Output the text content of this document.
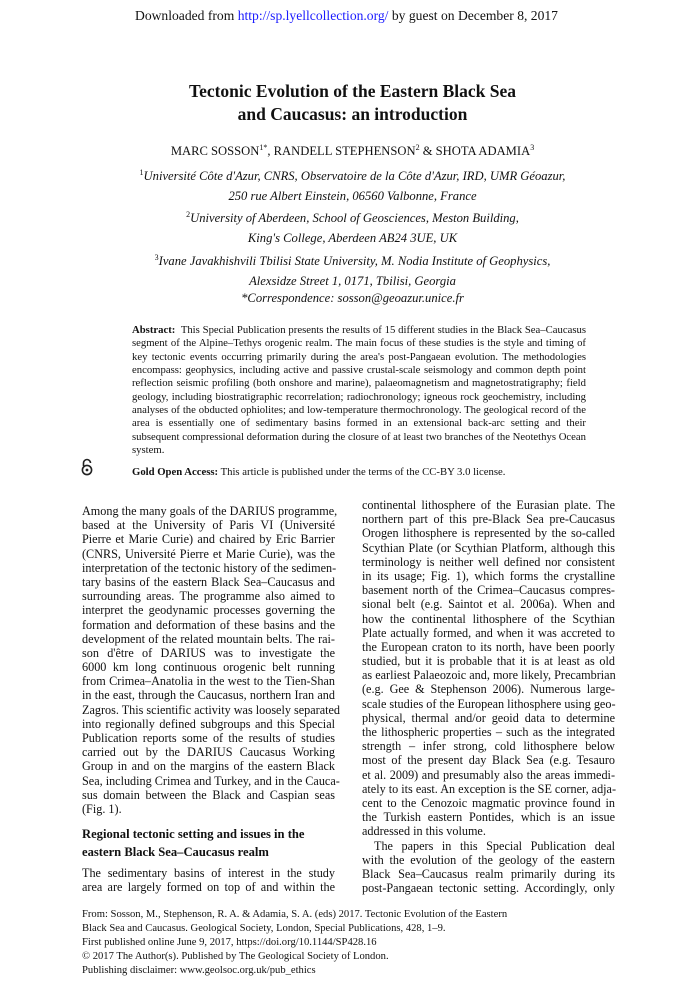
Downloaded from http://sp.lyellcollection.org/ by guest on December 8, 2017
Tectonic Evolution of the Eastern Black Sea
and Caucasus: an introduction
MARC $SOSSON^{1*}$, RANDELL STEPHENSON$^2$ & SHOTA ADAMIA$^3$
$^1$Université Côte d'Azur, CNRS, Observatoire de la Côte d'Azur, IRD, UMR Géoazur,
250 rue Albert Einstein, 06560 Valbonne, France
$^2$University of Aberdeen, School of Geosciences, Meston Building,
King's College, Aberdeen AB24 3UE, UK
$^3$Ivane Javakhishvili Tbilisi State University, M. Nodia Institute of Geophysics,
Alexsidze Street 1, 0171, Tbilisi, Georgia
*Correspondence: sosson@geoazur.unice.fr
Abstract: This Special Publication presents the results of 15 different studies in the Black Sea–Caucasus segment of the Alpine–Tethys orogenic realm. The main focus of these studies is the style and timing of key tectonic events occurring primarily during the area's post-Pangaean evolution. The methodologies encompass: geophysics, including active and passive crustal-scale seismology and common depth point reflection seismic profiling (both onshore and marine), palaeomagnetism and magnetostratigraphy; field geology, including biostratigraphic recorrelation; radiochronology; igneous rock geochemistry, including analyses of the obducted ophiolites; and low-temperature thermochronology. The geological record of the area is essentially one of sedimentary basins formed in an extensional back-arc setting and their subsequent compressional deformation during the closure of at least two branches of the Neotethys Ocean system.
Gold Open Access: This article is published under the terms of the CC-BY 3.0 license.
Among the many goals of the DARIUS programme,
based at the University of Paris VI (Université
Pierre et Marie Curie) and chaired by Eric Barrier
(CNRS, Université Pierre et Marie Curie), was the
interpretation of the tectonic history of the sedimen-
tary basins of the eastern Black Sea–Caucasus and
surrounding areas. The programme also aimed to
interpret the geodynamic processes governing the
formation and deformation of these basins and the
development of the related mountain belts. The rai-
son d'être of DARIUS was to investigate the
6000 km long continuous orogenic belt running
from Crimea–Anatolia in the west to the Tien-Shan
in the east, through the Caucasus, northern Iran and
Zagros. This scientific activity was loosely separated
into regionally defined subgroups and this Special
Publication reports some of the results of studies
carried out by the DARIUS Caucasus Working
Group in and on the margins of the eastern Black
Sea, including Crimea and Turkey, and in the Cauca-
sus domain between the Black and Caspian seas
(Fig. 1).
Regional tectonic setting and issues in the
eastern Black Sea–Caucasus realm
The sedimentary basins of interest in the study
area are largely formed on top of and within the
continental lithosphere of the Eurasian plate. The
northern part of this pre-Black Sea pre-Caucasus
Orogen lithosphere is represented by the so-called
Scythian Plate (or Scythian Platform, although this
terminology is neither well defined nor consistent
in its usage; Fig. 1), which forms the crystalline
basement north of the Crimea–Caucasus compres-
sional belt (e.g. Saintot et al. 2006a). When and
how the continental lithosphere of the Scythian
Plate actually formed, and when it was accreted to
the European craton to its north, have been poorly
studied, but it is probable that it is at least as old
as earliest Palaeozoic and, more likely, Precambrian
(e.g. Gee & Stephenson 2006). Numerous large-
scale studies of the European lithosphere using geo-
physical, thermal and/or geoid data to determine
the lithospheric properties – such as the integrated
strength – infer strong, cold lithosphere below
most of the present day Black Sea (e.g. Tesauro
et al. 2009) and presumably also the areas immedi-
ately to its east. An exception is the SE corner, adja-
cent to the Cenozoic magmatic province found in
the Turkish eastern Pontides, which is an issue
addressed in this volume.
The papers in this Special Publication deal
with the evolution of the geology of the eastern
Black Sea–Caucasus realm primarily during its
post-Pangaean tectonic setting. Accordingly, only
From: Sosson, M., Stephenson, R. A. & Adamia, S. A. (eds) 2017. Tectonic Evolution of the Eastern
Black Sea and Caucasus. Geological Society, London, Special Publications, 428, 1–9.
First published online June 9, 2017, https://doi.org/10.1144/SP428.16
© 2017 The Author(s). Published by The Geological Society of London.
Publishing disclaimer: www.geolsoc.org.uk/pub_ethics
